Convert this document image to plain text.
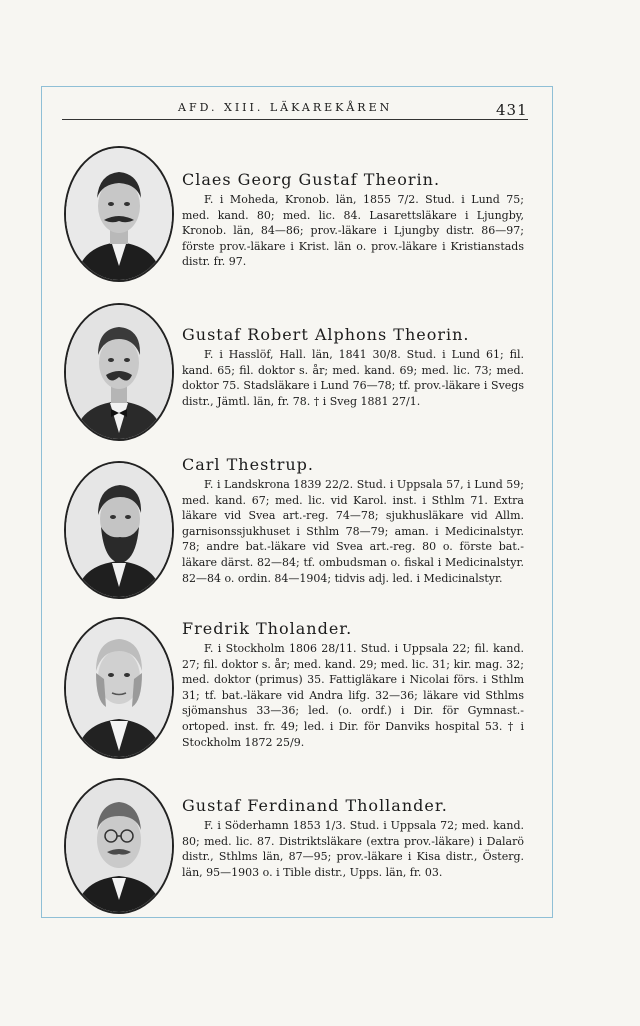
AFD. XIII. LÄKAREKÅREN	431
Claes Georg Gustaf Theorin.
F. i Moheda, Kronob. län, 1855 7/2. Stud. i Lund 75; med. kand. 80; med. lic. 84. Lasarettsläkare i Ljungby, Kronob. län, 84—86; prov.-läkare i Ljungby distr. 86—97; förste prov.-läkare i Krist. län o. prov.-läkare i Kristianstads distr. fr. 97.
Gustaf Robert Alphons Theorin.
F. i Hasslöf, Hall. län, 1841 30/8. Stud. i Lund 61; fil. kand. 65; fil. doktor s. år; med. kand. 69; med. lic. 73; med. doktor 75. Stadsläkare i Lund 76—78; tf. prov.-läkare i Svegs distr., Jämtl. län, fr. 78. † i Sveg 1881 27/1.
Carl Thestrup.
F. i Landskrona 1839 22/2. Stud. i Uppsala 57, i Lund 59; med. kand. 67; med. lic. vid Karol. inst. i Sthlm 71. Extra läkare vid Svea art.-reg. 74—78; sjukhusläkare vid Allm. garnisonssjukhuset i Sthlm 78—79; aman. i Medicinalstyr. 78; andre bat.-läkare vid Svea art.-reg. 80 o. förste bat.-läkare därst. 82—84; tf. ombudsman o. fiskal i Medicinalstyr. 82—84 o. ordin. 84—1904; tidvis adj. led. i Medicinalstyr.
Fredrik Tholander.
F. i Stockholm 1806 28/11. Stud. i Uppsala 22; fil. kand. 27; fil. doktor s. år; med. kand. 29; med. lic. 31; kir. mag. 32; med. doktor (primus) 35. Fattigläkare i Nicolai förs. i Sthlm 31; tf. bat.-läkare vid Andra lifg. 32—36; läkare vid Sthlms sjömanshus 33—36; led. (o. ordf.) i Dir. för Gymnast.-ortoped. inst. fr. 49; led. i Dir. för Danviks hospital 53. † i Stockholm 1872 25/9.
Gustaf Ferdinand Thollander.
F. i Söderhamn 1853 1/3. Stud. i Uppsala 72; med. kand. 80; med. lic. 87. Distriktsläkare (extra prov.-läkare) i Dalarö distr., Sthlms län, 87—95; prov.-läkare i Kisa distr., Österg. län, 95—1903 o. i Tible distr., Upps. län, fr. 03.
